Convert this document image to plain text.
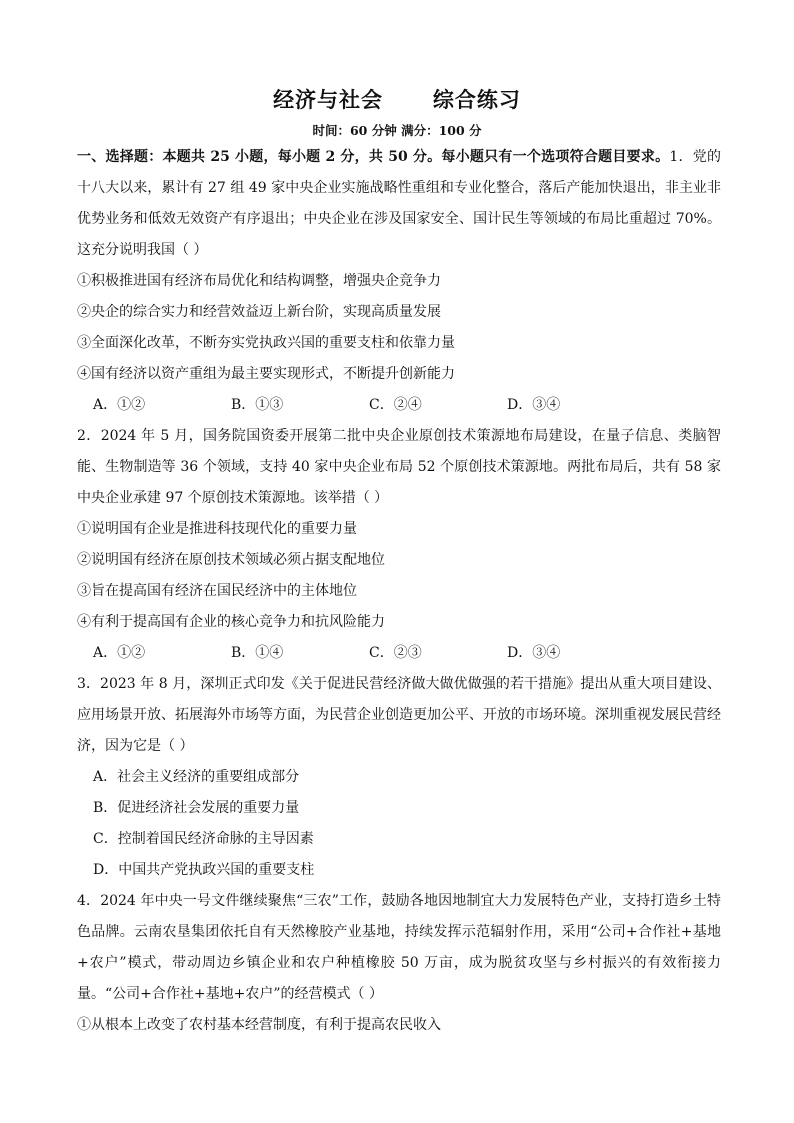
经济与社会      综合练习
时间：60 分钟 满分：100 分

一、选择题：本题共 25 小题，每小题 2 分，共 50 分。每小题只有一个选项符合题目要求。1．党的十八大以来，累计有 27 组 49 家中央企业实施战略性重组和专业化整合，落后产能加快退出，非主业非优势业务和低效无效资产有序退出；中央企业在涉及国家安全、国计民生等领域的布局比重超过 70%。这充分说明我国（ ）

①积极推进国有经济布局优化和结构调整，增强央企竞争力

②央企的综合实力和经营效益迈上新台阶，实现高质量发展

③全面深化改革，不断夯实党执政兴国的重要支柱和依靠力量

④国有经济以资产重组为最主要实现形式，不断提升创新能力

A．①②	B．①③	C．②④	D．③④

2．2024 年 5 月，国务院国资委开展第二批中央企业原创技术策源地布局建设，在量子信息、类脑智能、生物制造等 36 个领域，支持 40 家中央企业布局 52 个原创技术策源地。两批布局后，共有 58 家中央企业承建 97 个原创技术策源地。该举措（ ）

①说明国有企业是推进科技现代化的重要力量

②说明国有经济在原创技术领域必须占据支配地位

③旨在提高国有经济在国民经济中的主体地位

④有利于提高国有企业的核心竞争力和抗风险能力

A．①②	B．①④	C．②③	D．③④

3．2023 年 8 月，深圳正式印发《关于促进民营经济做大做优做强的若干措施》提出从重大项目建设、应用场景开放、拓展海外市场等方面，为民营企业创造更加公平、开放的市场环境。深圳重视发展民营经济，因为它是（ ）

A．社会主义经济的重要组成部分

B．促进经济社会发展的重要力量

C．控制着国民经济命脉的主导因素

D．中国共产党执政兴国的重要支柱

4．2024 年中央一号文件继续聚焦“三农”工作，鼓励各地因地制宜大力发展特色产业，支持打造乡土特色品牌。云南农垦集团依托自有天然橡胶产业基地，持续发挥示范辐射作用，采用“公司+合作社+基地+农户”模式，带动周边乡镇企业和农户种植橡胶 50 万亩，成为脱贫攻坚与乡村振兴的有效衔接力量。“公司+合作社+基地+农户”的经营模式（ ）

①从根本上改变了农村基本经营制度，有利于提高农民收入
